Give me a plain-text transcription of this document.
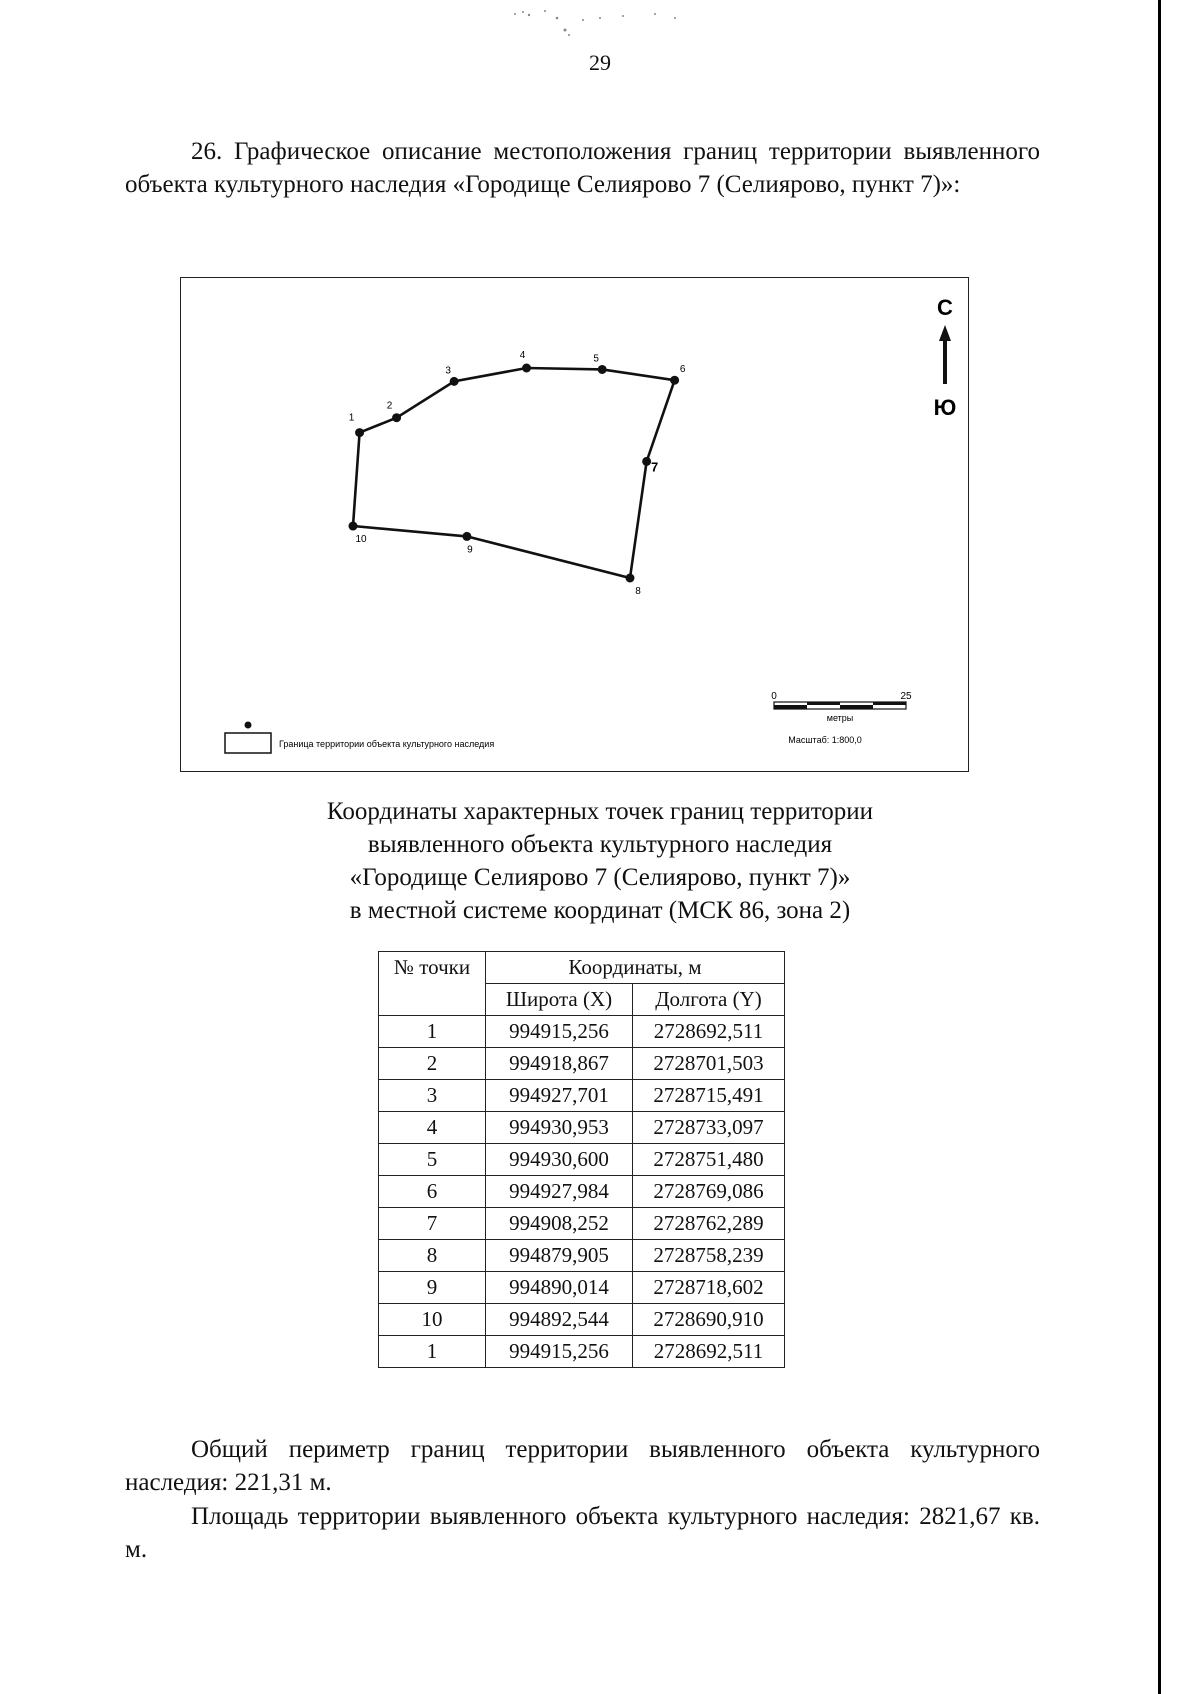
29

26. Графическое описание местоположения границ территории выявленного объекта культурного наследия «Городище Селиярово 7 (Селиярово, пункт 7)»:

1
2
3
4	5
6
7
8
9
10
С
Ю
0	25
метры
Масштаб: 1:800,0
Граница территории объекта культурного наследия
Координаты характерных точек границ территории
выявленного объекта культурного наследия
«Городище Селиярово 7 (Селиярово, пункт 7)»
в местной системе координат (МСК 86, зона 2)
№ точки	Координаты, м	
	Широта (X)	Долгота (Y)
1	994915,256	2728692,511
2	994918,867	2728701,503
3	994927,701	2728715,491
4	994930,953	2728733,097
5	994930,600	2728751,480
6	994927,984	2728769,086
7	994908,252	2728762,289
8	994879,905	2728758,239
9	994890,014	2728718,602
10	994892,544	2728690,910
1	994915,256	2728692,511

Общий периметр границ территории выявленного объекта культурного наследия: 221,31 м.

Площадь территории выявленного объекта культурного наследия: 2821,67 кв. м.
